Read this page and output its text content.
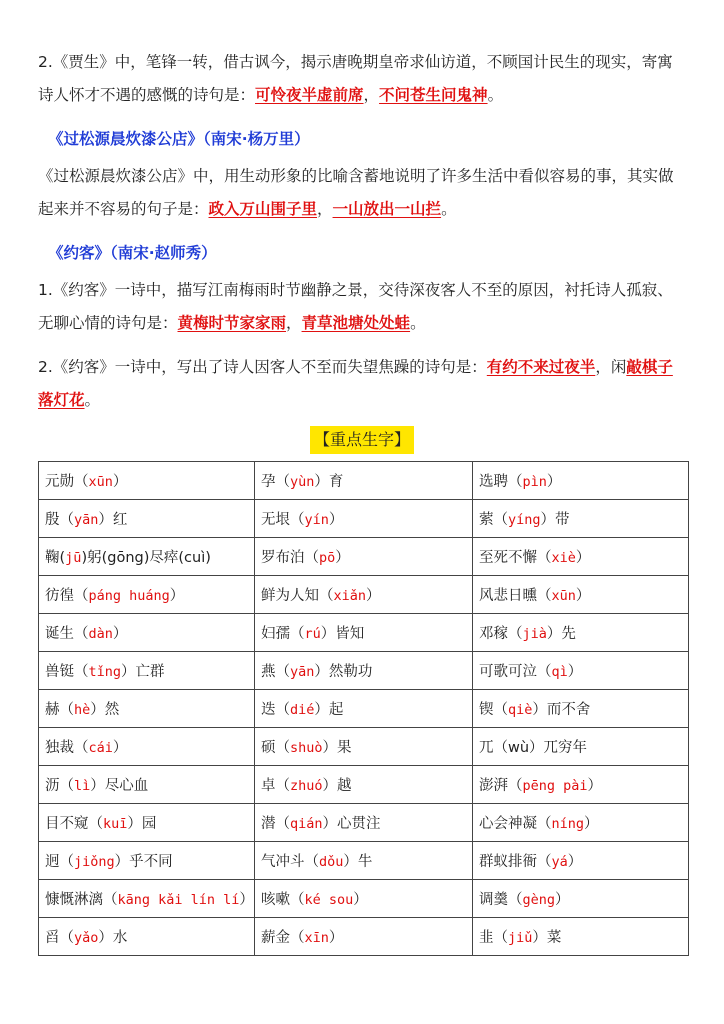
2.《贾生》中，笔锋一转，借古讽今，揭示唐晚期皇帝求仙访道，不顾国计民生的现实，寄寓诗人怀才不遇的感慨的诗句是：可怜夜半虚前席，不问苍生问鬼神。

《过松源晨炊漆公店》（南宋·杨万里）

《过松源晨炊漆公店》中，用生动形象的比喻含蓄地说明了许多生活中看似容易的事，其实做起来并不容易的句子是：政入万山围子里，一山放出一山拦。

《约客》（南宋·赵师秀）

1.《约客》一诗中，描写江南梅雨时节幽静之景，交待深夜客人不至的原因，衬托诗人孤寂、无聊心情的诗句是：黄梅时节家家雨，青草池塘处处蛙。

2.《约客》一诗中，写出了诗人因客人不至而失望焦躁的诗句是：有约不来过夜半，闲敲棋子落灯花。

【重点生字】
元勋（xūn）	孕（yùn）育	选聘（pìn）
殷（yān）红	无垠（yín）	萦（yíng）带
鞠(jū)躬(gōng)尽瘁(cuì)	罗布泊（pō）	至死不懈（xiè）
彷徨（páng huáng）	鲜为人知（xiǎn）	风悲日曛（xūn）
诞生（dàn）	妇孺（rú）皆知	邓稼（jià）先
兽铤（tǐng）亡群	燕（yān）然勒功	可歌可泣（qì）
赫（hè）然	迭（dié）起	锲（qiè）而不舍
独裁（cái）	硕（shuò）果	兀（wù）兀穷年
沥（lì）尽心血	卓（zhuó）越	澎湃（pēng pài）
目不窥（kuī）园	潜（qián）心贯注	心会神凝（níng）
迥（jiǒng）乎不同	气冲斗（dǒu）牛	群蚁排衙（yá）
慷慨淋漓（kāng kǎi lín lí）	咳嗽（ké sou）	调羹（gèng）
舀（yǎo）水	薪金（xīn）	韭（jiǔ）菜
